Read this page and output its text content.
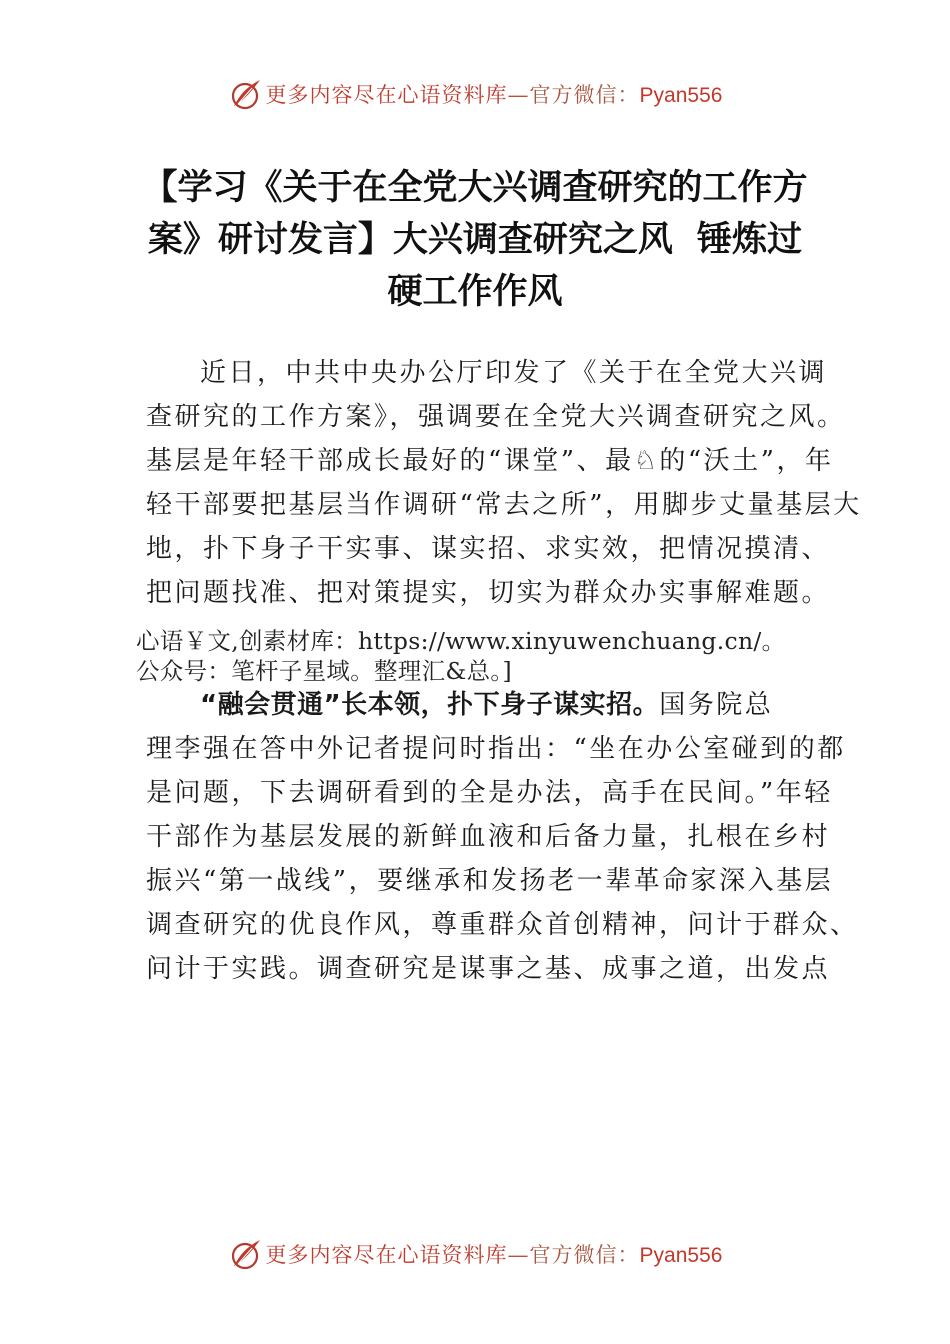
更多内容尽在心语资料库—官方微信：Pyan556
【学习《关于在全党大兴调查研究的工作方
案》研讨发言】大兴调查研究之风  锤炼过
硬工作作风
近日，中共中央办公厅印发了《关于在全党大兴调
查研究的工作方案》，强调要在全党大兴调查研究之风。
基层是年轻干部成长最好的“课堂”、最♘的“沃土”，年
轻干部要把基层当作调研“常去之所”，用脚步丈量基层大
地，扑下身子干实事、谋实招、求实效，把情况摸清、
把问题找准、把对策提实，切实为群众办实事解难题。
心语￥文,创素材库：https://www.xinyuwenchuang.cn/。
公众号：笔杆子星域。整理汇&总。]
“融会贯通”长本领，扑下身子谋实招。国务院总
理李强在答中外记者提问时指出：“坐在办公室碰到的都
是问题，下去调研看到的全是办法，高手在民间。”年轻
干部作为基层发展的新鲜血液和后备力量，扎根在乡村
振兴“第一战线”，要继承和发扬老一辈革命家深入基层
调查研究的优良作风，尊重群众首创精神，问计于群众、
问计于实践。调查研究是谋事之基、成事之道，出发点
更多内容尽在心语资料库—官方微信：Pyan556
